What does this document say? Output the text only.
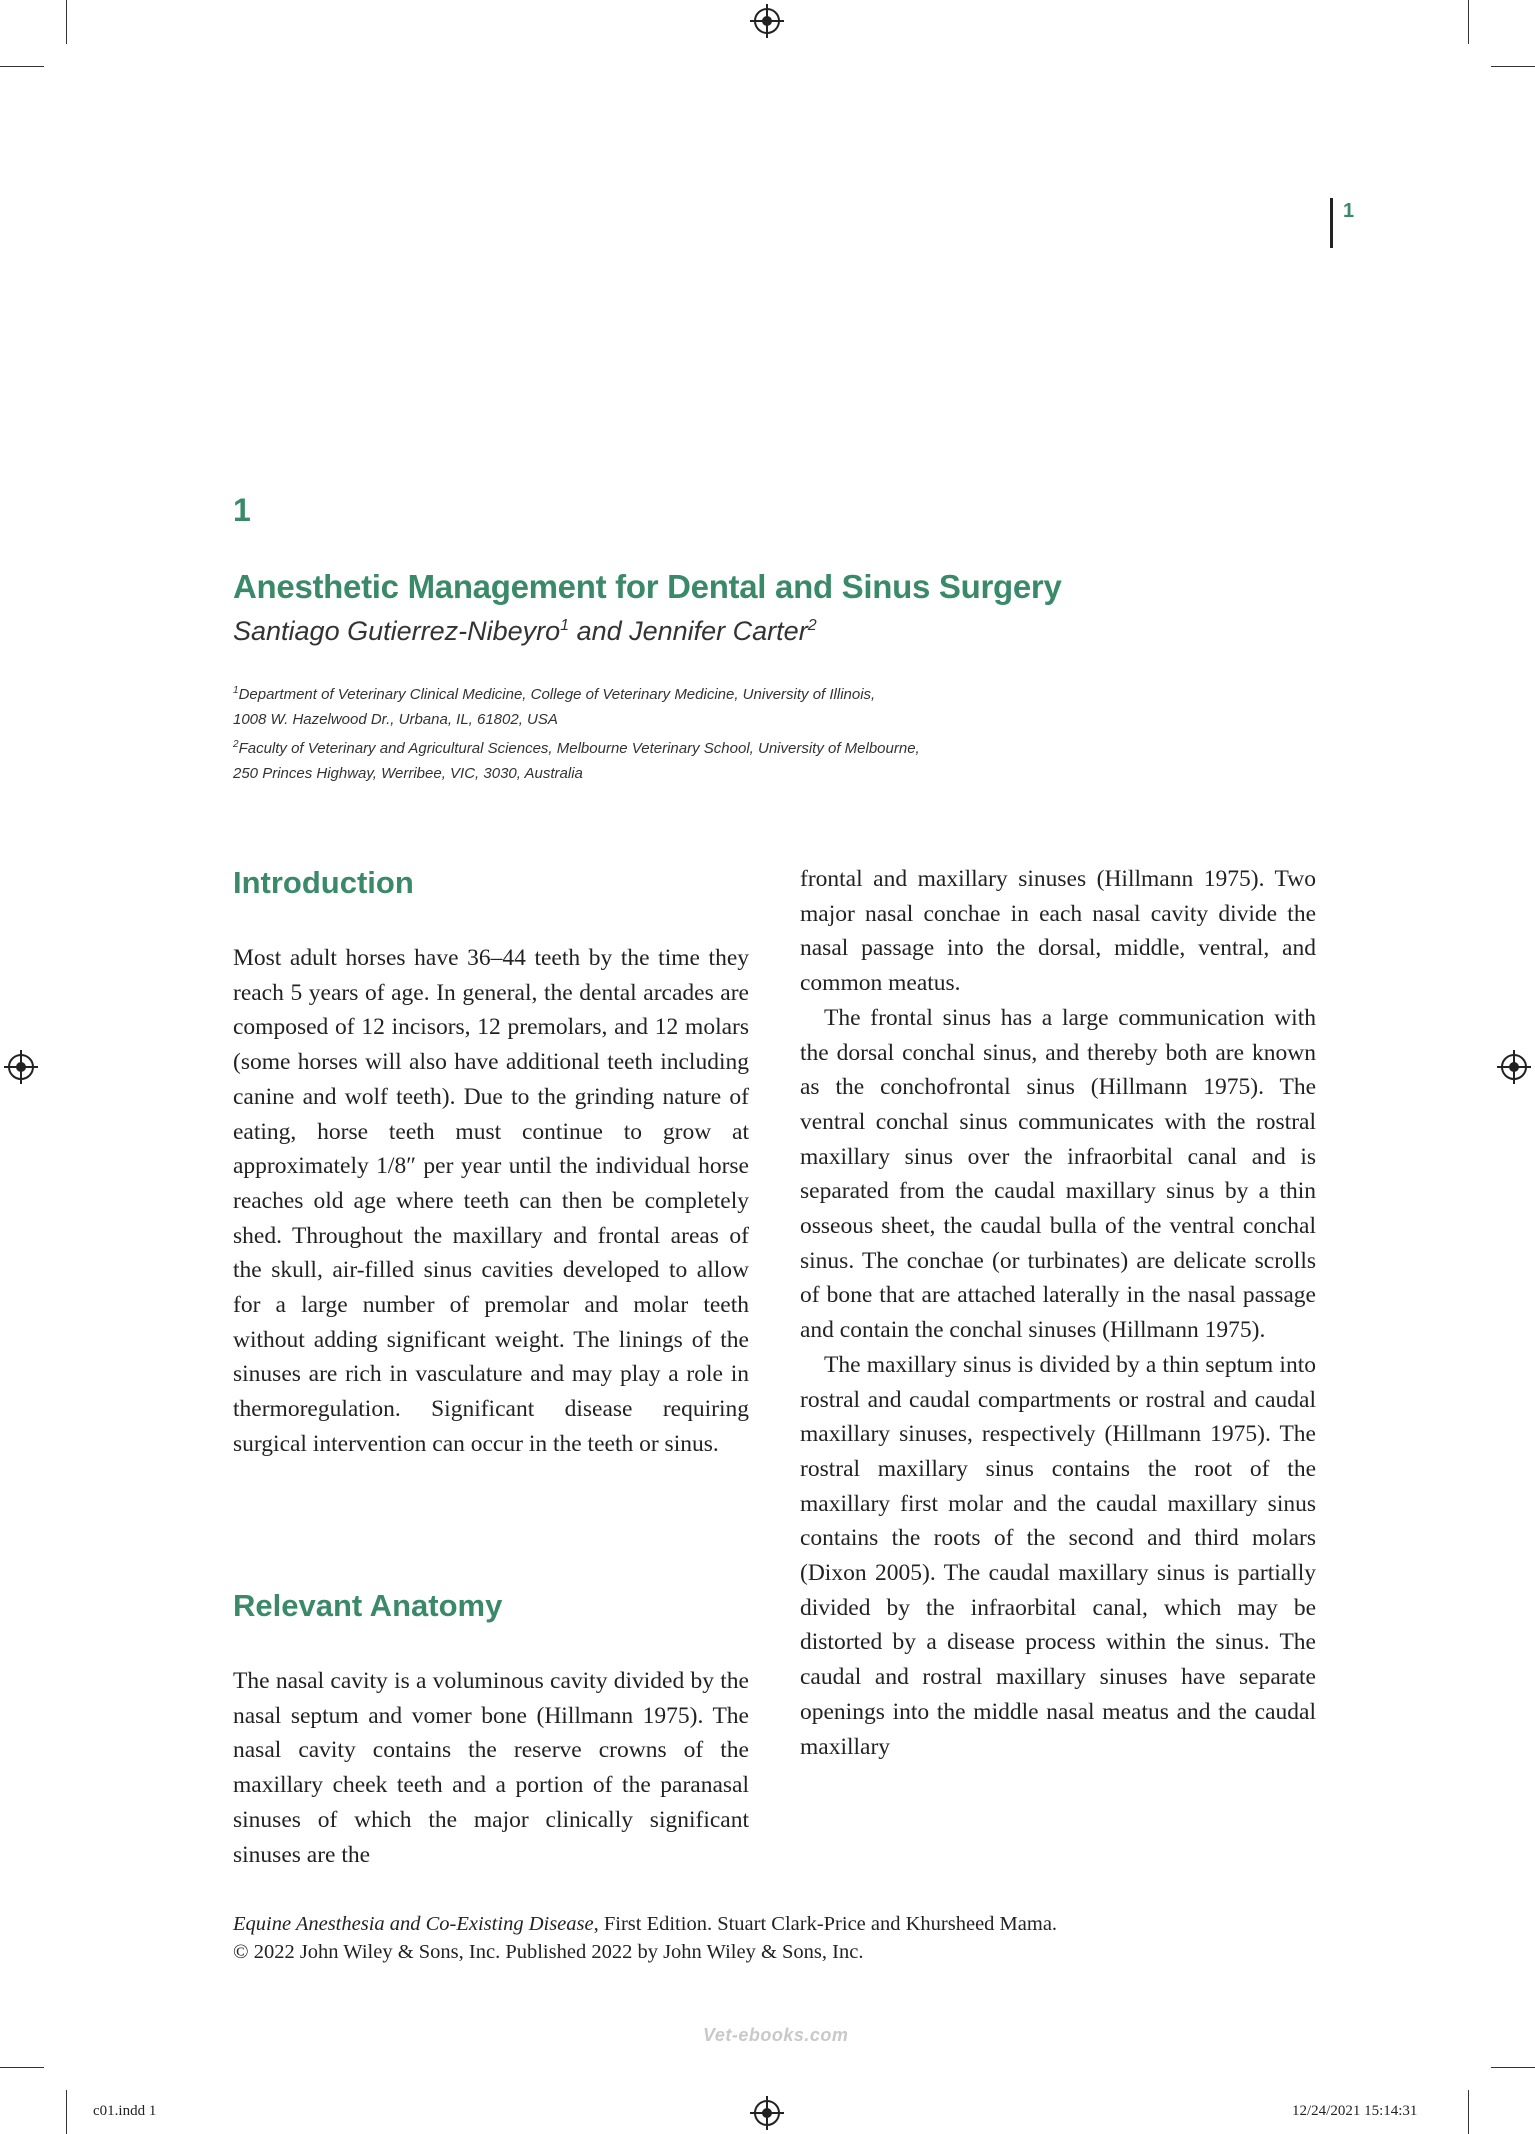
1
1
Anesthetic Management for Dental and Sinus Surgery
Santiago Gutierrez-Nibeyro$^1$ and Jennifer Carter$^2$
$^1$Department of Veterinary Clinical Medicine, College of Veterinary Medicine, University of Illinois,
1008 W. Hazelwood Dr., Urbana, IL, 61802, USA
$^2$Faculty of Veterinary and Agricultural Sciences, Melbourne Veterinary School, University of Melbourne,
250 Princes Highway, Werribee, VIC, 3030, Australia
Introduction

Most adult horses have 36–44 teeth by the time they reach 5 years of age. In general, the dental arcades are composed of 12 incisors, 12 premolars, and 12 molars (some horses will also have additional teeth including canine and wolf teeth). Due to the grinding nature of eating, horse teeth must continue to grow at approximately 1/8″ per year until the individual horse reaches old age where teeth can then be completely shed. Throughout the maxillary and frontal areas of the skull, air-filled sinus cavities developed to allow for a large number of premolar and molar teeth without adding significant weight. The linings of the sinuses are rich in vasculature and may play a role in thermoregulation. Significant disease requiring surgical intervention can occur in the teeth or sinus.

Relevant Anatomy

The nasal cavity is a voluminous cavity divided by the nasal septum and vomer bone (Hillmann 1975). The nasal cavity contains the reserve crowns of the maxillary cheek teeth and a portion of the paranasal sinuses of which the major clinically significant sinuses are the

frontal and maxillary sinuses (Hillmann 1975). Two major nasal conchae in each nasal cavity divide the nasal passage into the dorsal, middle, ventral, and common meatus.

The frontal sinus has a large communication with the dorsal conchal sinus, and thereby both are known as the conchofrontal sinus (Hillmann 1975). The ventral conchal sinus communicates with the rostral maxillary sinus over the infraorbital canal and is separated from the caudal maxillary sinus by a thin osseous sheet, the caudal bulla of the ventral conchal sinus. The conchae (or turbinates) are delicate scrolls of bone that are attached laterally in the nasal passage and contain the conchal sinuses (Hillmann 1975).

The maxillary sinus is divided by a thin septum into rostral and caudal compartments or rostral and caudal maxillary sinuses, respectively (Hillmann 1975). The rostral maxillary sinus contains the root of the maxillary first molar and the caudal maxillary sinus contains the roots of the second and third molars (Dixon 2005). The caudal maxillary sinus is partially divided by the infraorbital canal, which may be distorted by a disease process within the sinus. The caudal and rostral maxillary sinuses have separate openings into the middle nasal meatus and the caudal maxillary

Equine Anesthesia and Co-Existing Disease, First Edition. Stuart Clark-Price and Khursheed Mama.
© 2022 John Wiley & Sons, Inc. Published 2022 by John Wiley & Sons, Inc.
Vet-ebooks.com
c01.indd 1	12/24/2021 15:14:31
